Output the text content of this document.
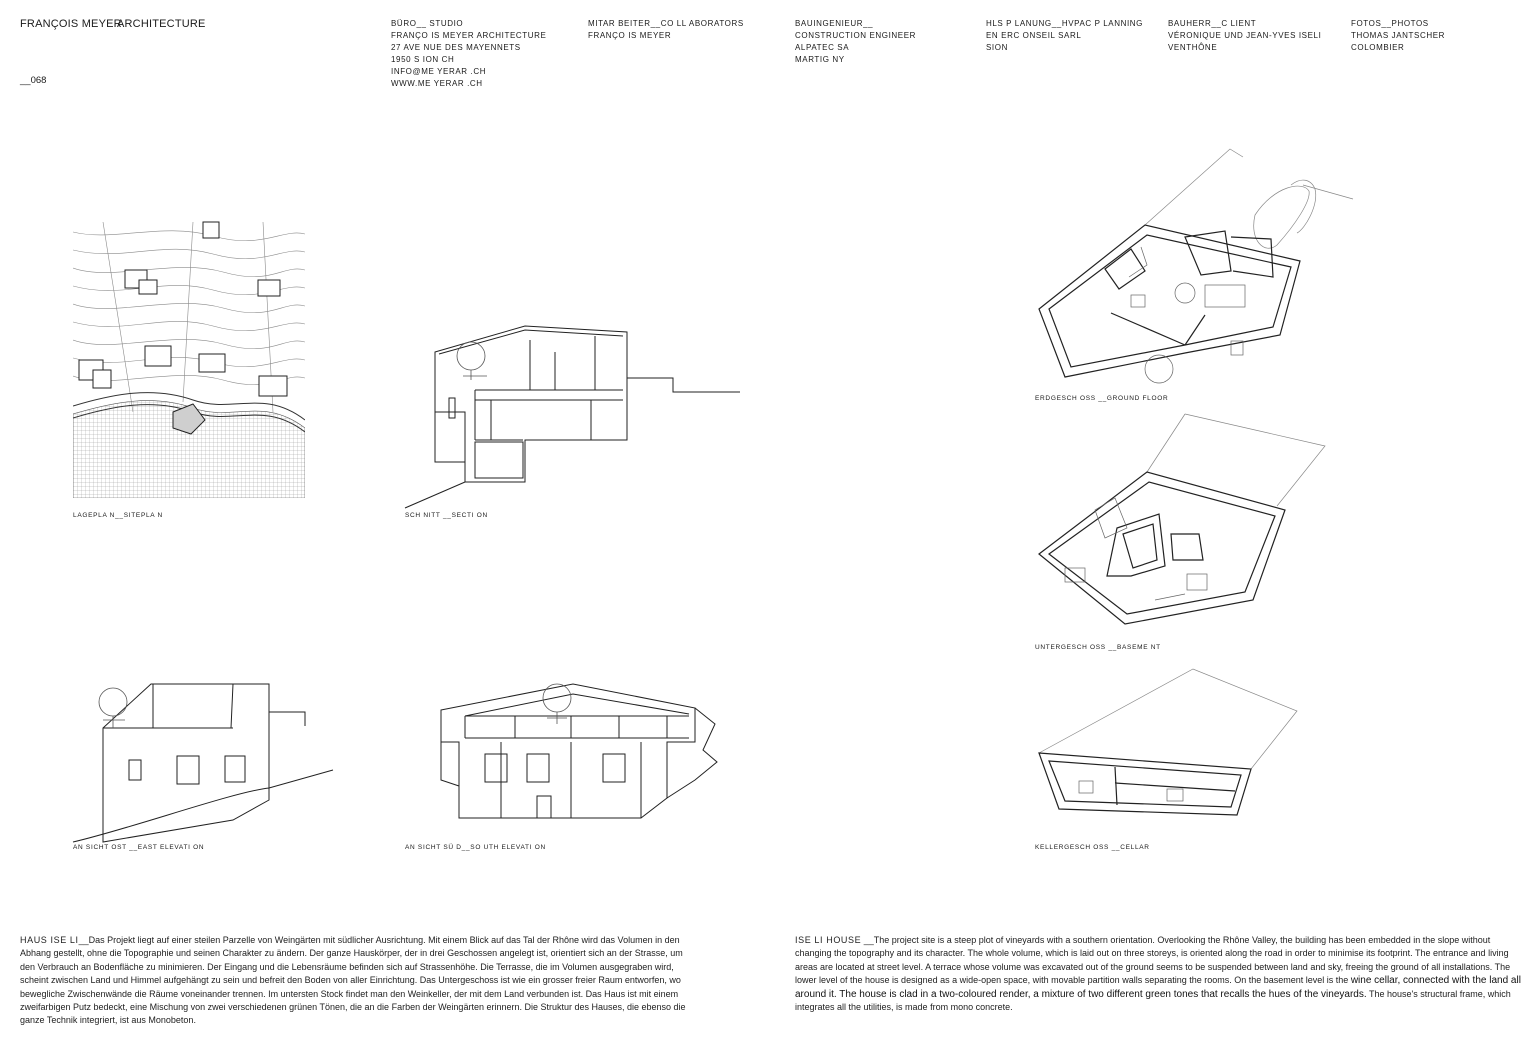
FRANÇOIS MEYER
ARCHITECTURE
__068
BÜRO__ STUDIO
FRANÇO IS MEYER ARCHITECTURE
27 AVE NUE DES MAYENNETS
1950 S ION CH
INFO@ME YERAR .CH
WWW.ME YERAR .CH
MITAR BEITER__CO LL ABORATORS
FRANÇO IS MEYER
BAUINGENIEUR__
CONSTRUCTION ENGINEER
ALPATEC SA
MARTIG NY
HLS P LANUNG__HVPAC P LANNING
EN ERC ONSEIL SARL
SION
BAUHERR__C LIENT
VÉRONIQUE UND JEAN-YVES ISELI
VENTHÔNE
FOTOS__PHOTOS
THOMAS JANTSCHER
COLOMBIER
LAGEPLA N__SITEPLA N	SCH NITT __SECTI ON
AN SICHT OST __EAST ELEVATI ON	AN SICHT SÜ D__SO UTH ELEVATI ON
ERDGESCH OSS __GROUND FLOOR
UNTERGESCH OSS __BASEME NT
KELLERGESCH OSS __CELLAR
HAUS ISE LI__Das Projekt liegt auf einer steilen Parzelle von Weingärten mit südlicher Ausrichtung. Mit einem Blick auf das Tal der Rhône wird das Volumen in den Abhang gestellt, ohne die Topographie und seinen Charakter zu ändern. Der ganze Hauskörper, der in drei Geschossen angelegt ist, orientiert sich an der Strasse, um den Verbrauch an Bodenfläche zu minimieren. Der Eingang und die Lebensräume befinden sich auf Strassenhöhe. Die Terrasse, die im Volumen ausgegraben wird, scheint zwischen Land und Himmel aufgehängt zu sein und befreit den Boden von aller Einrichtung. Das Untergeschoss ist wie ein grosser freier Raum entworfen, wo bewegliche Zwischenwände die Räume voneinander trennen. Im untersten Stock findet man den Weinkeller, der mit dem Land verbunden ist. Das Haus ist mit einem zweifarbigen Putz bedeckt, eine Mischung von zwei verschiedenen grünen Tönen, die an die Farben der Weingärten erinnern. Die Struktur des Hauses, die ebenso die ganze Technik integriert, ist aus Monobeton.
ISE LI HOUSE __The project site is a steep plot of vineyards with a southern orientation. Overlooking the Rhône Valley, the building has been embedded in the slope without changing the topography and its character. The whole volume, which is laid out on three storeys, is oriented along the road in order to minimise its footprint. The entrance and living areas are located at street level. A terrace whose volume was excavated out of the ground seems to be suspended between land and sky, freeing the ground of all installations. The lower level of the house is designed as a wide-open space, with movable partition walls separating the rooms. On the basement level is the wine cellar, connected with the land all around it. The house is clad in a two-coloured render, a mixture of two different green tones that recalls the hues of the vineyards. The house's structural frame, which integrates all the utilities, is made from mono concrete.
